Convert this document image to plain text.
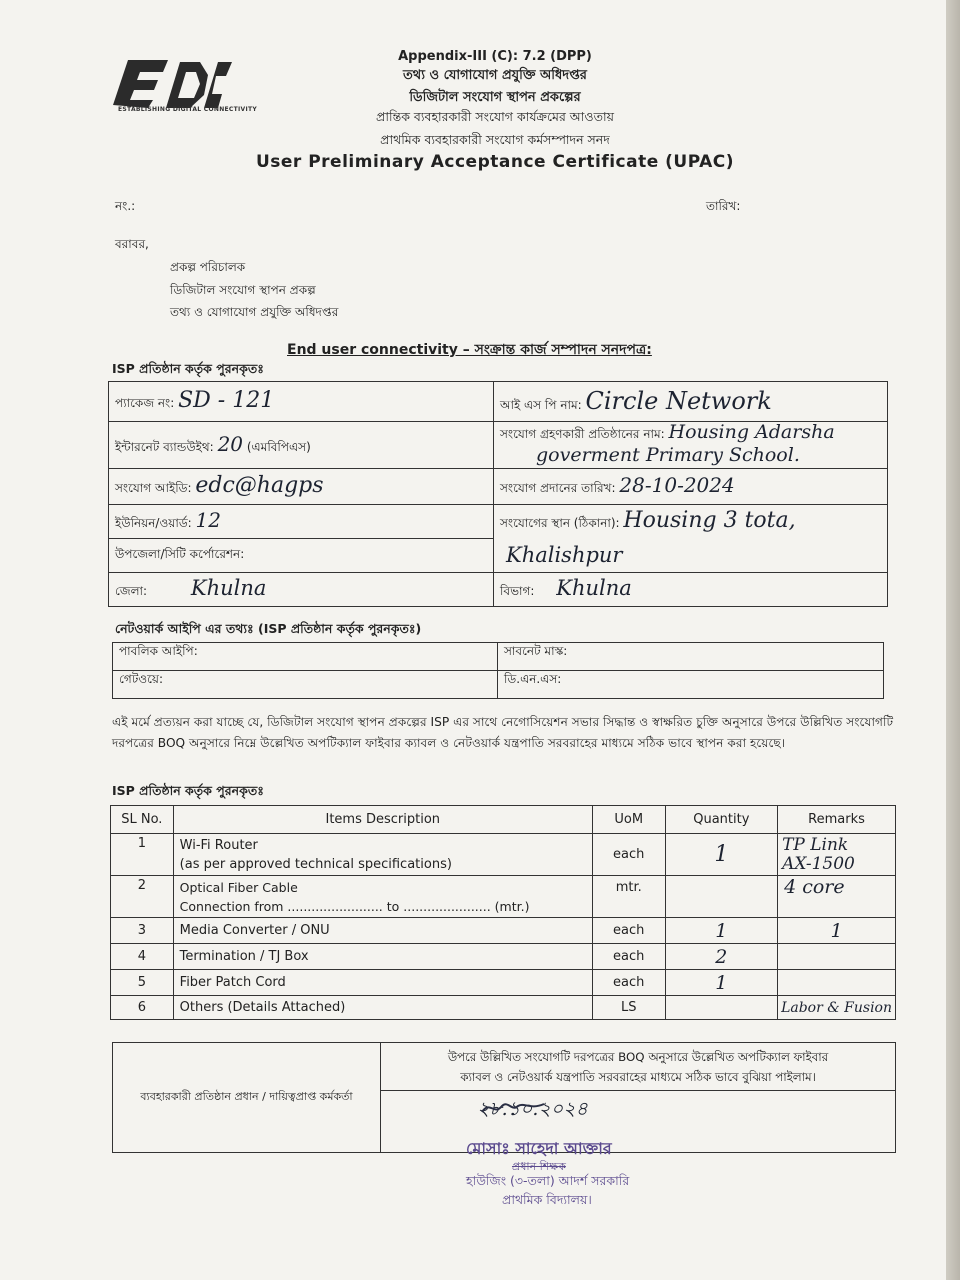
ESTABLISHING DIGITAL CONNECTIVITY
Appendix-III (C): 7.2 (DPP)
তথ্য ও যোগাযোগ প্রযুক্তি অধিদপ্তর
ডিজিটাল সংযোগ স্থাপন প্রকল্পের
প্রান্তিক ব্যবহারকারী সংযোগ কার্যক্রমের আওতায়
প্রাথমিক ব্যবহারকারী সংযোগ কর্মসম্পাদন সনদ
User Preliminary Acceptance Certificate (UPAC)
নং.:	তারিখ:
বরাবর,
প্রকল্প পরিচালক
ডিজিটাল সংযোগ স্থাপন প্রকল্প
তথ্য ও যোগাযোগ প্রযুক্তি অধিদপ্তর
End user connectivity – সংক্রান্ত কার্জ সম্পাদন সনদপত্র:
ISP প্রতিষ্ঠান কর্তৃক পুরনকৃতঃ
প্যাকেজ নং: SD - 121	আই এস পি নাম: Circle Network
ইন্টারনেট ব্যান্ডউইথ: 20 (এমবিপিএস)	সংযোগ গ্রহণকারী প্রতিষ্ঠানের নাম: Housing Adarsha
goverment Primary School.
সংযোগ আইডি: edc@hagps	সংযোগ প্রদানের তারিখ: 28-10-2024
ইউনিয়ন/ওয়ার্ড: 12	সংযোগের স্থান (ঠিকানা): Housing 3 tota,
উপজেলা/সিটি কর্পোরেশন:	Khalishpur
জেলা: Khulna	বিভাগ: Khulna
নেটওয়ার্ক আইপি এর তথ্যঃ (ISP প্রতিষ্ঠান কর্তৃক পুরনকৃতঃ)
পাবলিক আইপি:	সাবনেট মাস্ক:
গেটওয়ে:	ডি.এন.এস:
এই মর্মে প্রত্যয়ন করা যাচ্ছে যে, ডিজিটাল সংযোগ স্থাপন প্রকল্পের ISP এর সাথে নেগোসিয়েশন সভার সিদ্ধান্ত ও স্বাক্ষরিত চুক্তি অনুসারে উপরে উল্লিখিত সংযোগটি দরপত্রের BOQ অনুসারে নিম্নে উল্লেখিত অপটিক্যাল ফাইবার ক্যাবল ও নেটওয়ার্ক যন্ত্রপাতি সরবরাহের মাধ্যমে সঠিক ভাবে স্থাপন করা হয়েছে।
ISP প্রতিষ্ঠান কর্তৃক পুরনকৃতঃ
SL No.	Items Description	UoM	Quantity	Remarks
1	Wi-Fi Router
(as per approved technical specifications)	each	1	TP Link
AX-1500
2	Optical Fiber Cable
Connection from ........................ to ...................... (mtr.)	mtr.		4 core
3	Media Converter / ONU	each	1	1
4	Termination / TJ Box	each	2	
5	Fiber Patch Cord	each	1	
6	Others (Details Attached)	LS		Labor & Fusion
ব্যবহারকারী প্রতিষ্ঠান প্রধান / দায়িত্বপ্রাপ্ত কর্মকর্তা	উপরে উল্লিখিত সংযোগটি দরপত্রের BOQ অনুসারে উল্লেখিত অপটিক্যাল ফাইবার
ক্যাবল ও নেটওয়ার্ক যন্ত্রপাতি সরবরাহের মাধ্যমে সঠিক ভাবে বুঝিয়া পাইলাম।

২৮.১০.২০২৪
মোসাঃ সাহেদা আক্তার
প্রধান শিক্ষক
হাউজিং (৩-তলা) আদর্শ সরকারি
প্রাথমিক বিদ্যালয়।
